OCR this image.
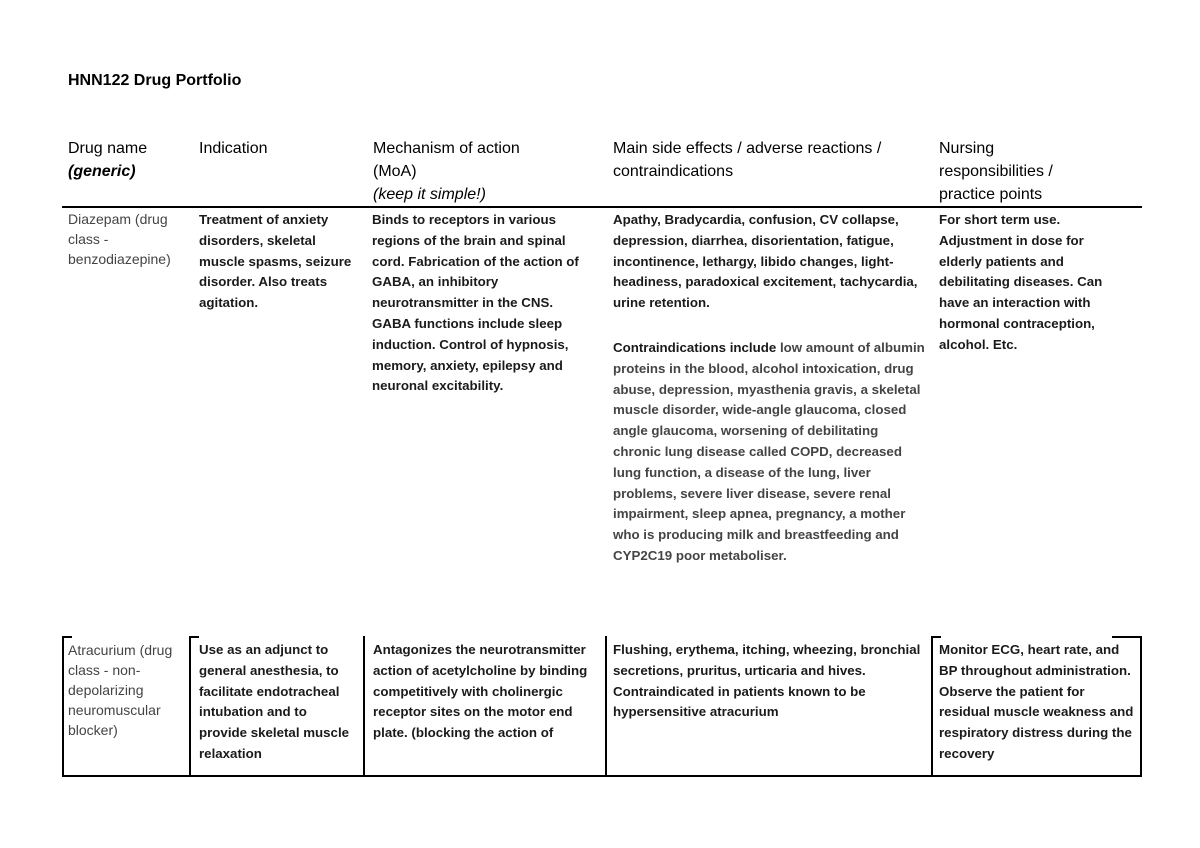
HNN122 Drug Portfolio
Drug name
(generic)
Indication	Mechanism of action
(MoA)
(keep it simple!)
Main side effects / adverse reactions /
contraindications
Nursing
responsibilities /
practice points
Diazepam (drug class - benzodiazepine)
Treatment of anxiety disorders, skeletal muscle spasms, seizure disorder. Also treats agitation.
Binds to receptors in various regions of the brain and spinal cord. Fabrication of the action of GABA, an inhibitory neurotransmitter in the CNS. GABA functions include sleep induction. Control of hypnosis, memory, anxiety, epilepsy and neuronal excitability.

Apathy, Bradycardia, confusion, CV collapse, depression, diarrhea, disorientation, fatigue, incontinence, lethargy, libido changes, light-headiness, paradoxical excitement, tachycardia, urine retention.

Contraindications include low amount of albumin proteins in the blood, alcohol intoxication, drug abuse, depression, myasthenia gravis, a skeletal muscle disorder, wide-angle glaucoma, closed angle glaucoma, worsening of debilitating chronic lung disease called COPD, decreased lung function, a disease of the lung, liver problems, severe liver disease, severe renal impairment, sleep apnea, pregnancy, a mother who is producing milk and breastfeeding and CYP2C19 poor metaboliser.

For short term use. Adjustment in dose for elderly patients and debilitating diseases. Can have an interaction with hormonal contraception, alcohol. Etc.
Atracurium (drug class - non-depolarizing neuromuscular blocker)
Use as an adjunct to general anesthesia, to facilitate endotracheal intubation and to provide skeletal muscle relaxation
Antagonizes the neurotransmitter action of acetylcholine by binding competitively with cholinergic receptor sites on the motor end plate. (blocking the action of

Flushing, erythema, itching, wheezing, bronchial secretions, pruritus, urticaria and hives.

Contraindicated in patients known to be hypersensitive atracurium

Monitor ECG, heart rate, and BP throughout administration. Observe the patient for residual muscle weakness and respiratory distress during the recovery
